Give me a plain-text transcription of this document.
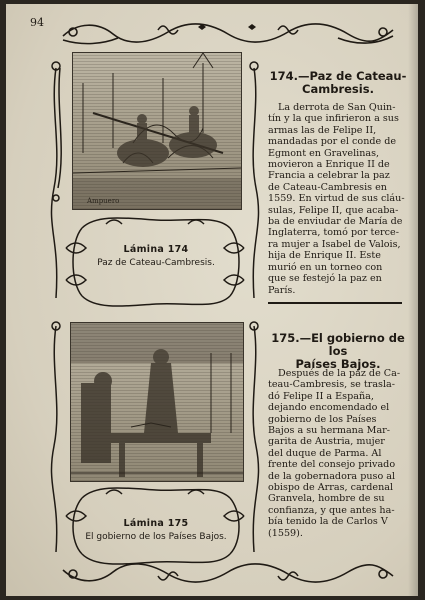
94
Ampuero
Lámina 174
Paz de Cateau-Cambresis.
174.—Paz de Cateau-
Cambresis.
La derrota de San Quin-
tín y la que infirieron a sus
armas las de Felipe II,
mandadas por el conde de
Egmont en Gravelinas,
movieron a Enrique II de
Francia a celebrar la paz
de Cateau-Cambresis en
1559. En virtud de sus cláu-
sulas, Felipe II, que acaba-
ba de enviudar de María de
Inglaterra, tomó por terce-
ra mujer a Isabel de Valois,
hija de Enrique II. Este
murió en un torneo con
que se festejó la paz en
París.
Lámina 175
El gobierno de los Países Bajos.
175.—El gobierno de los
Países Bajos.
Después de la paz de Ca-
teau-Cambresis, se trasla-
dó Felipe II a España,
dejando encomendado el
gobierno de los Países
Bajos a su hermana Mar-
garita de Austria, mujer
del duque de Parma. Al
frente del consejo privado
de la gobernadora puso al
obispo de Arras, cardenal
Granvela, hombre de su
confianza, y que antes ha-
bía tenido la de Carlos V
(1559).
